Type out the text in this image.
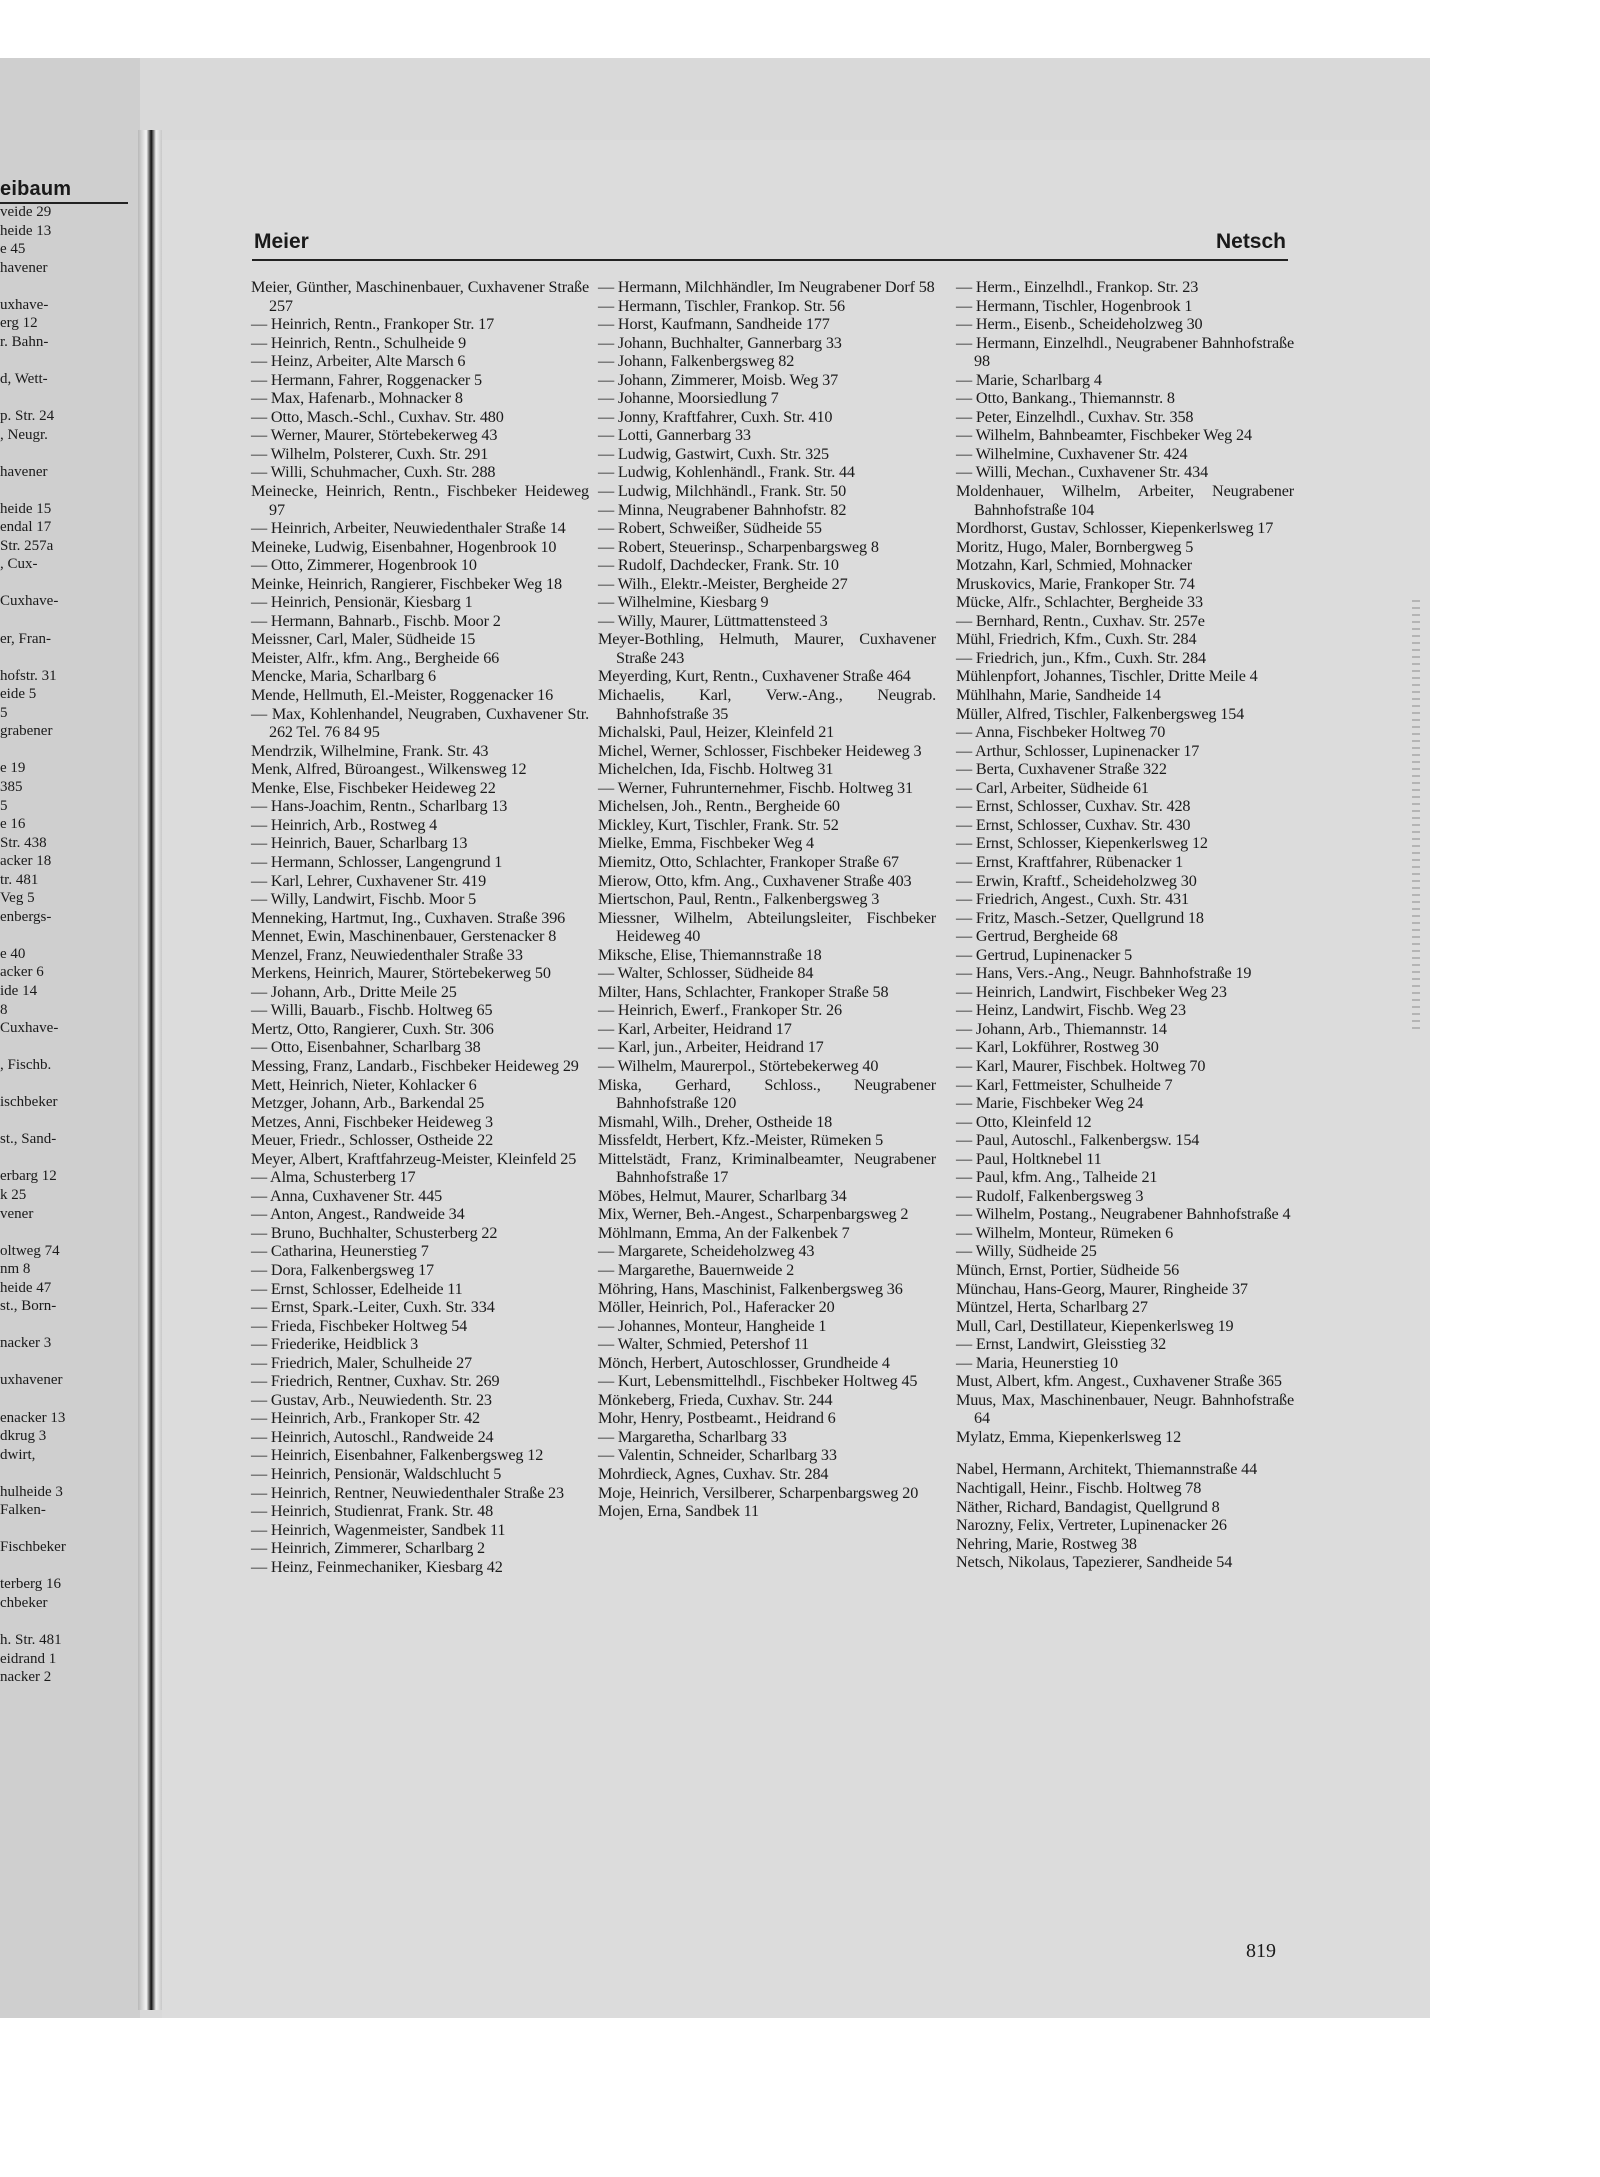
eibaum
veide 29
heide 13
e 45
havener
uxhave-
erg 12
r. Bahn-
d, Wett-
p. Str. 24
, Neugr.
havener
heide 15
endal 17
Str. 257a
, Cux-
Cuxhave-
er, Fran-
hofstr. 31
eide 5
5
grabener
e 19
385
5
e 16
Str. 438
acker 18
tr. 481
Veg 5
enbergs-
e 40
acker 6
ide 14
8
Cuxhave-
, Fischb.
ischbeker
st., Sand-
erbarg 12
k 25
vener
oltweg 74
nm 8
heide 47
st., Born-
nacker 3
uxhavener
enacker 13
dkrug 3
dwirt,
hulheide 3
Falken-
Fischbeker
terberg 16
chbeker
h. Str. 481
eidrand 1
nacker 2
Meier	Netsch

Meier, Günther, Maschinenbauer, Cuxhavener Straße 257

— Heinrich, Rentn., Frankoper Str. 17

— Heinrich, Rentn., Schulheide 9

— Heinz, Arbeiter, Alte Marsch 6

— Hermann, Fahrer, Roggenacker 5

— Max, Hafenarb., Mohnacker 8

— Otto, Masch.-Schl., Cuxhav. Str. 480

— Werner, Maurer, Störtebekerweg 43

— Wilhelm, Polsterer, Cuxh. Str. 291

— Willi, Schuhmacher, Cuxh. Str. 288

Meinecke, Heinrich, Rentn., Fischbeker Heideweg 97

— Heinrich, Arbeiter, Neuwiedenthaler Straße 14

Meineke, Ludwig, Eisenbahner, Hogenbrook 10

— Otto, Zimmerer, Hogenbrook 10

Meinke, Heinrich, Rangierer, Fischbeker Weg 18

— Heinrich, Pensionär, Kiesbarg 1

— Hermann, Bahnarb., Fischb. Moor 2

Meissner, Carl, Maler, Südheide 15

Meister, Alfr., kfm. Ang., Bergheide 66

Mencke, Maria, Scharlbarg 6

Mende, Hellmuth, El.-Meister, Roggenacker 16

— Max, Kohlenhandel, Neugraben, Cuxhavener Str. 262 Tel. 76 84 95

Mendrzik, Wilhelmine, Frank. Str. 43

Menk, Alfred, Büroangest., Wilkensweg 12

Menke, Else, Fischbeker Heideweg 22

— Hans-Joachim, Rentn., Scharlbarg 13

— Heinrich, Arb., Rostweg 4

— Heinrich, Bauer, Scharlbarg 13

— Hermann, Schlosser, Langengrund 1

— Karl, Lehrer, Cuxhavener Str. 419

— Willy, Landwirt, Fischb. Moor 5

Menneking, Hartmut, Ing., Cuxhaven. Straße 396

Mennet, Ewin, Maschinenbauer, Gerstenacker 8

Menzel, Franz, Neuwiedenthaler Straße 33

Merkens, Heinrich, Maurer, Störtebekerweg 50

— Johann, Arb., Dritte Meile 25

— Willi, Bauarb., Fischb. Holtweg 65

Mertz, Otto, Rangierer, Cuxh. Str. 306

— Otto, Eisenbahner, Scharlbarg 38

Messing, Franz, Landarb., Fischbeker Heideweg 29

Mett, Heinrich, Nieter, Kohlacker 6

Metzger, Johann, Arb., Barkendal 25

Metzes, Anni, Fischbeker Heideweg 3

Meuer, Friedr., Schlosser, Ostheide 22

Meyer, Albert, Kraftfahrzeug-Meister, Kleinfeld 25

— Alma, Schusterberg 17

— Anna, Cuxhavener Str. 445

— Anton, Angest., Randweide 34

— Bruno, Buchhalter, Schusterberg 22

— Catharina, Heunerstieg 7

— Dora, Falkenbergsweg 17

— Ernst, Schlosser, Edelheide 11

— Ernst, Spark.-Leiter, Cuxh. Str. 334

— Frieda, Fischbeker Holtweg 54

— Friederike, Heidblick 3

— Friedrich, Maler, Schulheide 27

— Friedrich, Rentner, Cuxhav. Str. 269

— Gustav, Arb., Neuwiedenth. Str. 23

— Heinrich, Arb., Frankoper Str. 42

— Heinrich, Autoschl., Randweide 24

— Heinrich, Eisenbahner, Falkenbergsweg 12

— Heinrich, Pensionär, Waldschlucht 5

— Heinrich, Rentner, Neuwiedenthaler Straße 23

— Heinrich, Studienrat, Frank. Str. 48

— Heinrich, Wagenmeister, Sandbek 11

— Heinrich, Zimmerer, Scharlbarg 2

— Heinz, Feinmechaniker, Kiesbarg 42

— Hermann, Milchhändler, Im Neugrabener Dorf 58

— Hermann, Tischler, Frankop. Str. 56

— Horst, Kaufmann, Sandheide 177

— Johann, Buchhalter, Gannerbarg 33

— Johann, Falkenbergsweg 82

— Johann, Zimmerer, Moisb. Weg 37

— Johanne, Moorsiedlung 7

— Jonny, Kraftfahrer, Cuxh. Str. 410

— Lotti, Gannerbarg 33

— Ludwig, Gastwirt, Cuxh. Str. 325

— Ludwig, Kohlenhändl., Frank. Str. 44

— Ludwig, Milchhändl., Frank. Str. 50

— Minna, Neugrabener Bahnhofstr. 82

— Robert, Schweißer, Südheide 55

— Robert, Steuerinsp., Scharpenbargsweg 8

— Rudolf, Dachdecker, Frank. Str. 10

— Wilh., Elektr.-Meister, Bergheide 27

— Wilhelmine, Kiesbarg 9

— Willy, Maurer, Lüttmattensteed 3

Meyer-Bothling, Helmuth, Maurer, Cuxhavener Straße 243

Meyerding, Kurt, Rentn., Cuxhavener Straße 464

Michaelis, Karl, Verw.-Ang., Neugrab. Bahnhofstraße 35

Michalski, Paul, Heizer, Kleinfeld 21

Michel, Werner, Schlosser, Fischbeker Heideweg 3

Michelchen, Ida, Fischb. Holtweg 31

— Werner, Fuhrunternehmer, Fischb. Holtweg 31

Michelsen, Joh., Rentn., Bergheide 60

Mickley, Kurt, Tischler, Frank. Str. 52

Mielke, Emma, Fischbeker Weg 4

Miemitz, Otto, Schlachter, Frankoper Straße 67

Mierow, Otto, kfm. Ang., Cuxhavener Straße 403

Miertschon, Paul, Rentn., Falkenbergsweg 3

Miessner, Wilhelm, Abteilungsleiter, Fischbeker Heideweg 40

Mikschе, Elise, Thiemannstraße 18

— Walter, Schlosser, Südheide 84

Milter, Hans, Schlachter, Frankoper Straße 58

— Heinrich, Ewerf., Frankoper Str. 26

— Karl, Arbeiter, Heidrand 17

— Karl, jun., Arbeiter, Heidrand 17

— Wilhelm, Maurerpol., Störtebekerweg 40

Miska, Gerhard, Schloss., Neugrabener Bahnhofstraße 120

Mismahl, Wilh., Dreher, Ostheide 18

Missfeldt, Herbert, Kfz.-Meister, Rümeken 5

Mittelstädt, Franz, Kriminalbeamter, Neugrabener Bahnhofstraße 17

Möbes, Helmut, Maurer, Scharlbarg 34

Mix, Werner, Beh.-Angest., Scharpenbargsweg 2

Möhlmann, Emma, An der Falkenbek 7

— Margarete, Scheideholzweg 43

— Margarethe, Bauernweide 2

Möhring, Hans, Maschinist, Falkenbergsweg 36

Möller, Heinrich, Pol., Haferacker 20

— Johannes, Monteur, Hangheide 1

— Walter, Schmied, Petershof 11

Mönch, Herbert, Autoschlosser, Grundheide 4

— Kurt, Lebensmittelhdl., Fischbeker Holtweg 45

Mönkeberg, Frieda, Cuxhav. Str. 244

Mohr, Henry, Postbeamt., Heidrand 6

— Margaretha, Scharlbarg 33

— Valentin, Schneider, Scharlbarg 33

Mohrdieck, Agnes, Cuxhav. Str. 284

Moje, Heinrich, Versilberer, Scharpenbargsweg 20

Mojen, Erna, Sandbek 11

— Herm., Einzelhdl., Frankop. Str. 23

— Hermann, Tischler, Hogenbrook 1

— Herm., Eisenb., Scheideholzweg 30

— Hermann, Einzelhdl., Neugrabener Bahnhofstraße 98

— Marie, Scharlbarg 4

— Otto, Bankang., Thiemannstr. 8

— Peter, Einzelhdl., Cuxhav. Str. 358

— Wilhelm, Bahnbeamter, Fischbeker Weg 24

— Wilhelmine, Cuxhavener Str. 424

— Willi, Mechan., Cuxhavener Str. 434

Moldenhauer, Wilhelm, Arbeiter, Neugrabener Bahnhofstraße 104

Mordhorst, Gustav, Schlosser, Kiepenkerlsweg 17

Moritz, Hugo, Maler, Bornbergweg 5

Motzahn, Karl, Schmied, Mohnacker

Mruskovics, Marie, Frankoper Str. 74

Mücke, Alfr., Schlachter, Bergheide 33

— Bernhard, Rentn., Cuxhav. Str. 257e

Mühl, Friedrich, Kfm., Cuxh. Str. 284

— Friedrich, jun., Kfm., Cuxh. Str. 284

Mühlenpfort, Johannes, Tischler, Dritte Meile 4

Mühlhahn, Marie, Sandheide 14

Müller, Alfred, Tischler, Falkenbergsweg 154

— Anna, Fischbeker Holtweg 70

— Arthur, Schlosser, Lupinenacker 17

— Berta, Cuxhavener Straße 322

— Carl, Arbeiter, Südheide 61

— Ernst, Schlosser, Cuxhav. Str. 428

— Ernst, Schlosser, Cuxhav. Str. 430

— Ernst, Schlosser, Kiepenkerlsweg 12

— Ernst, Kraftfahrer, Rübenacker 1

— Erwin, Kraftf., Scheideholzweg 30

— Friedrich, Angest., Cuxh. Str. 431

— Fritz, Masch.-Setzer, Quellgrund 18

— Gertrud, Bergheide 68

— Gertrud, Lupinenacker 5

— Hans, Vers.-Ang., Neugr. Bahnhofstraße 19

— Heinrich, Landwirt, Fischbeker Weg 23

— Heinz, Landwirt, Fischb. Weg 23

— Johann, Arb., Thiemannstr. 14

— Karl, Lokführer, Rostweg 30

— Karl, Maurer, Fischbek. Holtweg 70

— Karl, Fettmeister, Schulheide 7

— Marie, Fischbeker Weg 24

— Otto, Kleinfeld 12

— Paul, Autoschl., Falkenbergsw. 154

— Paul, Holtknebel 11

— Paul, kfm. Ang., Talheide 21

— Rudolf, Falkenbergsweg 3

— Wilhelm, Postang., Neugrabener Bahnhofstraße 4

— Wilhelm, Monteur, Rümeken 6

— Willy, Südheide 25

Münch, Ernst, Portier, Südheide 56

Münchau, Hans-Georg, Maurer, Ringheide 37

Müntzel, Herta, Scharlbarg 27

Mull, Carl, Destillateur, Kiepenkerlsweg 19

— Ernst, Landwirt, Gleisstieg 32

— Maria, Heunerstieg 10

Must, Albert, kfm. Angest., Cuxhavener Straße 365

Muus, Max, Maschinenbauer, Neugr. Bahnhofstraße 64

Mylatz, Emma, Kiepenkerlsweg 12

Nabel, Hermann, Architekt, Thiemannstraße 44

Nachtigall, Heinr., Fischb. Holtweg 78

Näther, Richard, Bandagist, Quellgrund 8

Narozny, Felix, Vertreter, Lupinenacker 26

Nehring, Marie, Rostweg 38

Netsch, Nikolaus, Tapezierer, Sandheide 54

819
